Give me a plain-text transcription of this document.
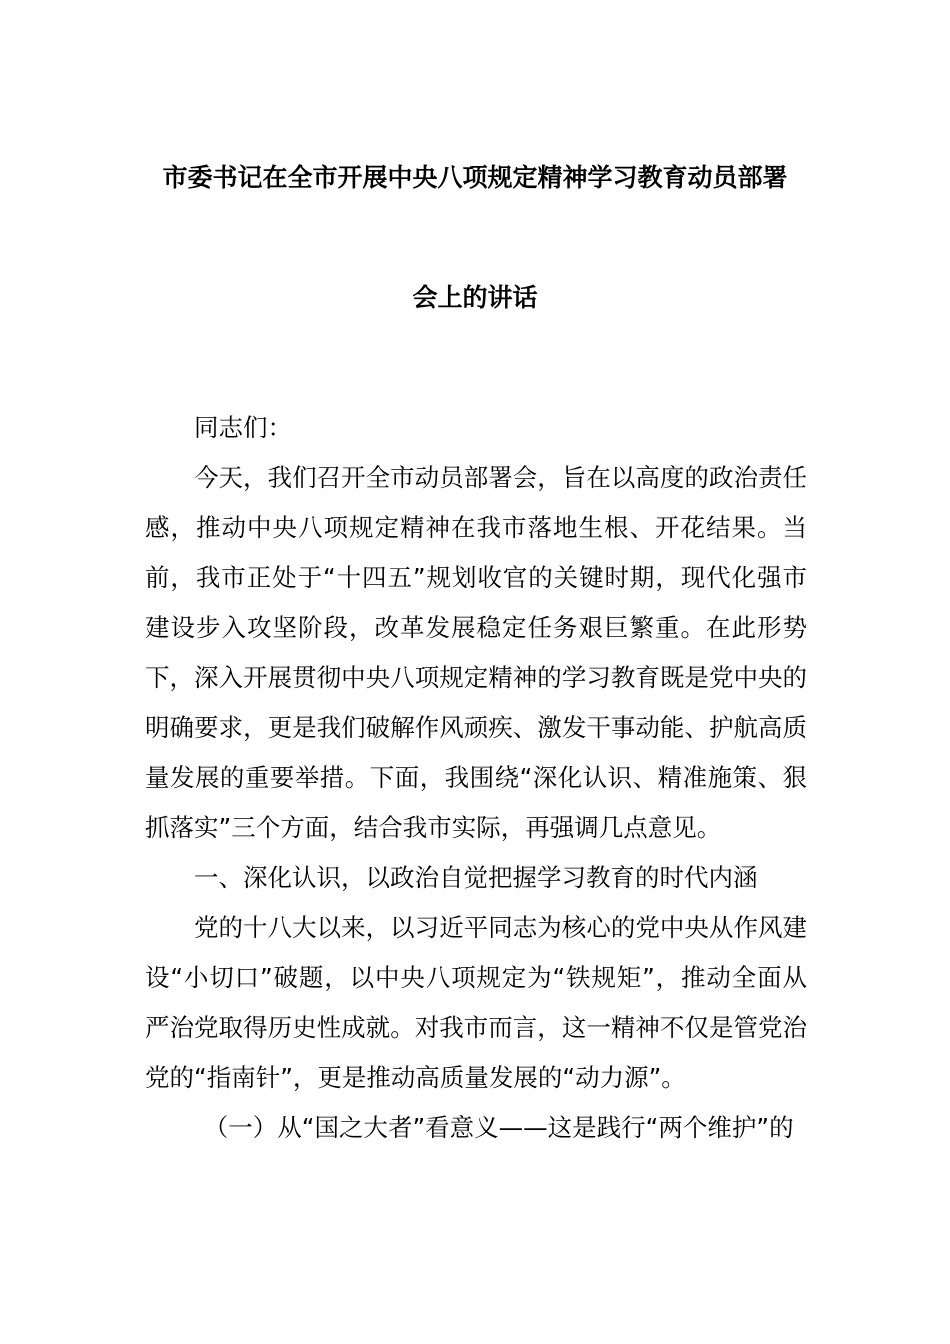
市委书记在全市开展中央八项规定精神学习教育动员部署
会上的讲话

同志们：

今天，我们召开全市动员部署会，旨在以高度的政治责任感，推动中央八项规定精神在我市落地生根、开花结果。当前，我市正处于“十四五”规划收官的关键时期，现代化强市建设步入攻坚阶段，改革发展稳定任务艰巨繁重。在此形势下，深入开展贯彻中央八项规定精神的学习教育既是党中央的明确要求，更是我们破解作风顽疾、激发干事动能、护航高质量发展的重要举措。下面，我围绕“深化认识、精准施策、狠抓落实”三个方面，结合我市实际，再强调几点意见。

一、深化认识，以政治自觉把握学习教育的时代内涵

党的十八大以来，以习近平同志为核心的党中央从作风建设“小切口”破题，以中央八项规定为“铁规矩”，推动全面从严治党取得历史性成就。对我市而言，这一精神不仅是管党治党的“指南针”，更是推动高质量发展的“动力源”。

（一）从“国之大者”看意义——这是践行“两个维护”的
